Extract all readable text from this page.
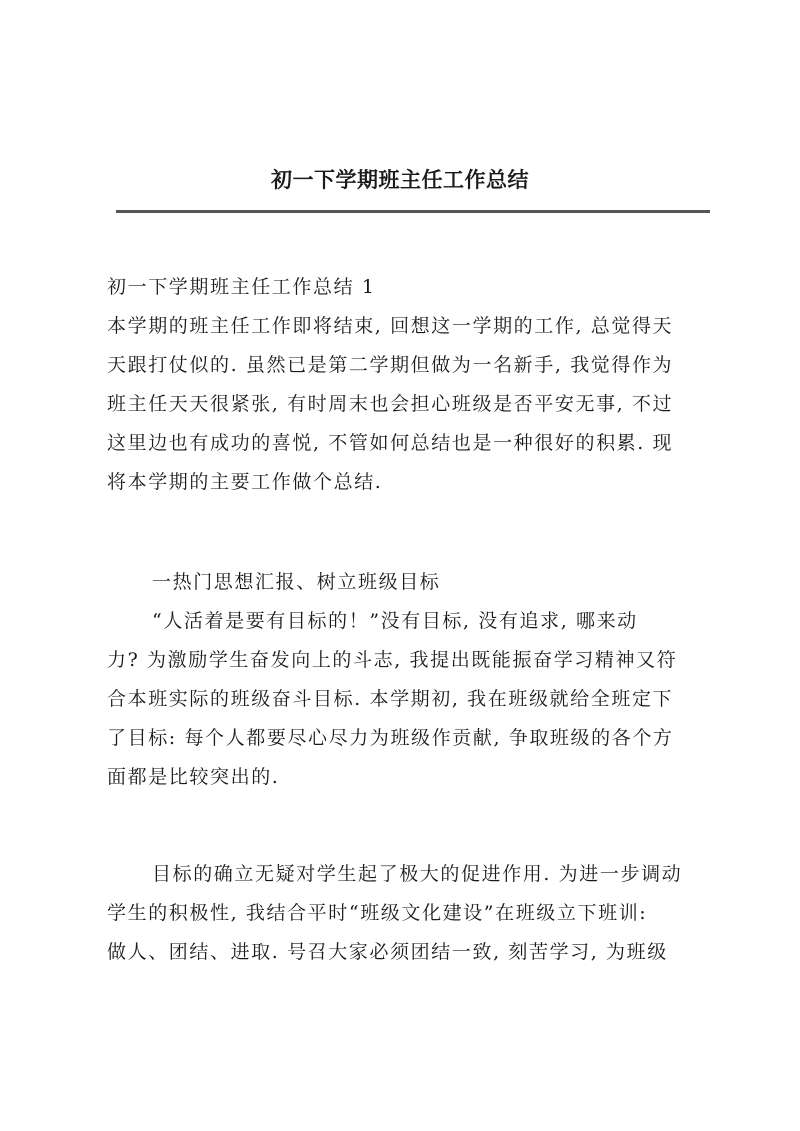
初一下学期班主任工作总结
初一下学期班主任工作总结 1
本学期的班主任工作即将结束, 回想这一学期的工作, 总觉得天
天跟打仗似的. 虽然已是第二学期但做为一名新手, 我觉得作为
班主任天天很紧张, 有时周末也会担心班级是否平安无事, 不过
这里边也有成功的喜悦, 不管如何总结也是一种很好的积累. 现
将本学期的主要工作做个总结.
一热门思想汇报、树立班级目标
“人活着是要有目标的！”没有目标, 没有追求, 哪来动
力? 为激励学生奋发向上的斗志, 我提出既能振奋学习精神又符
合本班实际的班级奋斗目标. 本学期初, 我在班级就给全班定下
了目标: 每个人都要尽心尽力为班级作贡献, 争取班级的各个方
面都是比较突出的.
目标的确立无疑对学生起了极大的促进作用. 为进一步调动
学生的积极性, 我结合平时“班级文化建设”在班级立下班训:
做人、团结、进取. 号召大家必须团结一致, 刻苦学习, 为班级
